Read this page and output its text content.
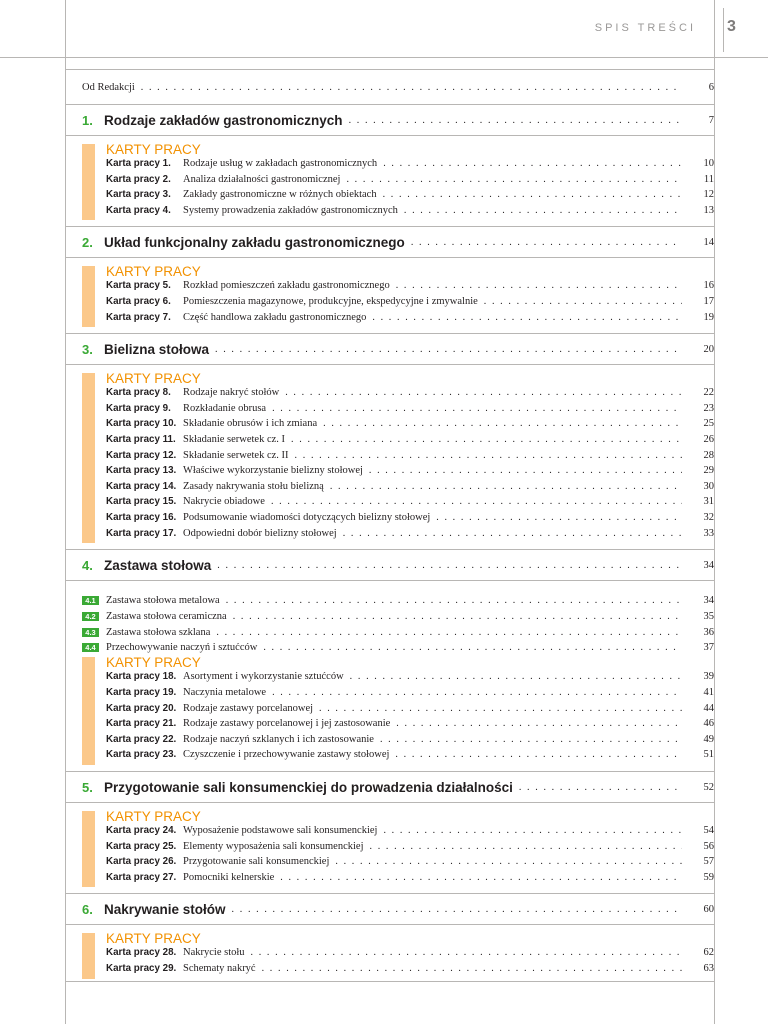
SPIS TREŚCI 3
Od Redakcji . . .	6
1. Rodzaje zakładów gastronomicznych . . .	7
KARTY PRACY
Karta pracy 1.	Rodzaje usług w zakładach gastronomicznych . . .	10
Karta pracy 2.	Analiza działalności gastronomicznej . . .	11
Karta pracy 3.	Zakłady gastronomiczne w różnych obiektach . . .	12
Karta pracy 4.	Systemy prowadzenia zakładów gastronomicznych . . .	13
2. Układ funkcjonalny zakładu gastronomicznego . . .	14
KARTY PRACY
Karta pracy 5.	Rozkład pomieszczeń zakładu gastronomicznego . . .	16
Karta pracy 6.	Pomieszczenia magazynowe, produkcyjne, ekspedycyjne i zmywalnie . . .	17
Karta pracy 7.	Część handlowa zakładu gastronomicznego . . .	19
3. Bielizna stołowa . . .	20
KARTY PRACY
Karta pracy 8.	Rodzaje nakryć stołów . . .	22
Karta pracy 9.	Rozkładanie obrusa . . .	23
Karta pracy 10. Składanie obrusów i ich zmiana . . .	25
Karta pracy 11. Składanie serwetek cz. I . . .	26
Karta pracy 12. Składanie serwetek cz. II . . .	28
Karta pracy 13. Właściwe wykorzystanie bielizny stołowej . . .	29
Karta pracy 14. Zasady nakrywania stołu bielizną . . .	30
Karta pracy 15. Nakrycie obiadowe . . .	31
Karta pracy 16. Podsumowanie wiadomości dotyczących bielizny stołowej . . .	32
Karta pracy 17. Odpowiedni dobór bielizny stołowej . . .	33
4. Zastawa stołowa . . .	34
4.1 Zastawa stołowa metalowa . . .	34
4.2 Zastawa stołowa ceramiczna . . .	35
4.3 Zastawa stołowa szklana . . .	36
4.4 Przechowywanie naczyń i sztućców . . .	37
KARTY PRACY
Karta pracy 18. Asortyment i wykorzystanie sztućców . . .	39
Karta pracy 19. Naczynia metalowe . . .	41
Karta pracy 20. Rodzaje zastawy porcelanowej . . .	44
Karta pracy 21. Rodzaje zastawy porcelanowej i jej zastosowanie . . .	46
Karta pracy 22. Rodzaje naczyń szklanych i ich zastosowanie . . .	49
Karta pracy 23. Czyszczenie i przechowywanie zastawy stołowej . . .	51
5. Przygotowanie sali konsumenckiej do prowadzenia działalności . . .	52
KARTY PRACY
Karta pracy 24. Wyposażenie podstawowe sali konsumenckiej . . .	54
Karta pracy 25. Elementy wyposażenia sali konsumenckiej . . .	56
Karta pracy 26. Przygotowanie sali konsumenckiej . . .	57
Karta pracy 27. Pomocniki kelnerskie . . .	59
6. Nakrywanie stołów . . .	60
KARTY PRACY
Karta pracy 28. Nakrycie stołu . . .	62
Karta pracy 29. Schematy nakryć . . .	63
